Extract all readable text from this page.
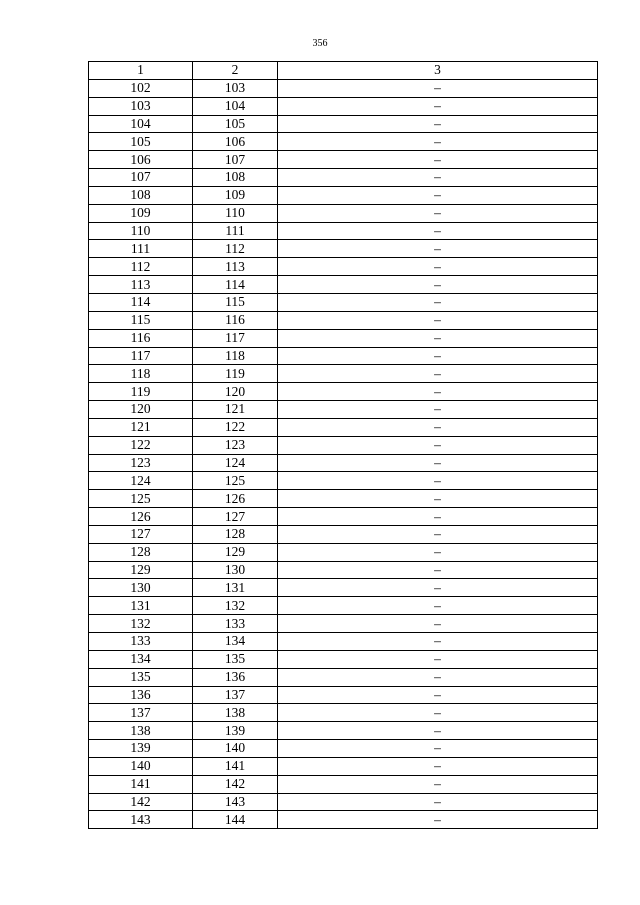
356
1	2	3
102	103	–
103	104	–
104	105	–
105	106	–
106	107	–
107	108	–
108	109	–
109	110	–
110	111	–
111	112	–
112	113	–
113	114	–
114	115	–
115	116	–
116	117	–
117	118	–
118	119	–
119	120	–
120	121	–
121	122	–
122	123	–
123	124	–
124	125	–
125	126	–
126	127	–
127	128	–
128	129	–
129	130	–
130	131	–
131	132	–
132	133	–
133	134	–
134	135	–
135	136	–
136	137	–
137	138	–
138	139	–
139	140	–
140	141	–
141	142	–
142	143	–
143	144	–
